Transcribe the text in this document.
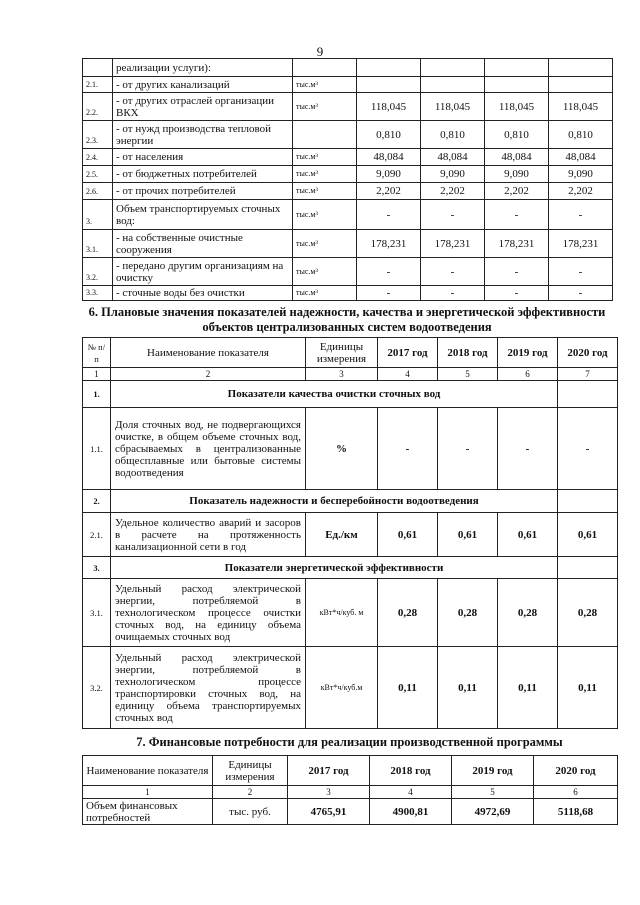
9
	реализации услуги):					
2.1.	- от других канализаций	тыс.м³				
2.2.	- от других отраслей организации ВКХ	тыс.м³	118,045	118,045	118,045	118,045
2.3.	- от нужд производства тепловой энергии		0,810	0,810	0,810	0,810
2.4.	- от населения	тыс.м³	48,084	48,084	48,084	48,084
2.5.	- от бюджетных потребителей	тыс.м³	9,090	9,090	9,090	9,090
2.6.	- от прочих потребителей	тыс.м³	2,202	2,202	2,202	2,202
3.	Объем транспортируемых сточных вод:	тыс.м³	-	-	-	-
3.1.	- на собственные очистные сооружения	тыс.м³	178,231	178,231	178,231	178,231
3.2.	- передано другим организациям на очистку	тыс.м³	-	-	-	-
3.3.	- сточные воды без очистки	тыс.м³	-	-	-	-
6. Плановые значения показателей надежности, качества и энергетической эффективности объектов централизованных систем водоотведения
№ п/п	Наименование показателя	Единицы измерения	2017 год	2018 год	2019 год	2020 год
1	2	3	4	5	6	7
1.	Показатели качества очистки сточных вод					
1.1.	Доля сточных вод, не подвергающихся очистке, в общем объеме сточных вод, сбрасываемых в централизованные общесплавные или бытовые системы водоотведения	%	-	-	-	-
2.	Показатель надежности и бесперебойности водоотведения					
2.1.	Удельное количество аварий и засоров в расчете на протяженность канализационной сети в год	Ед./км	0,61	0,61	0,61	0,61
3.	Показатели энергетической эффективности					
3.1.	Удельный расход электрической энергии, потребляемой в технологическом процессе очистки сточных вод, на единицу объема очищаемых сточных вод	кВт*ч/куб. м	0,28	0,28	0,28	0,28
3.2.	Удельный расход электрической энергии, потребляемой в технологическом процессе транспортировки сточных вод, на единицу объема транспортируемых сточных вод	кВт*ч/куб.м	0,11	0,11	0,11	0,11
7. Финансовые потребности для реализации производственной программы
Наименование показателя	Единицы измерения	2017 год	2018 год	2019 год	2020 год
1	2	3	4	5	6
Объем финансовых потребностей	тыс. руб.	4765,91	4900,81	4972,69	5118,68
